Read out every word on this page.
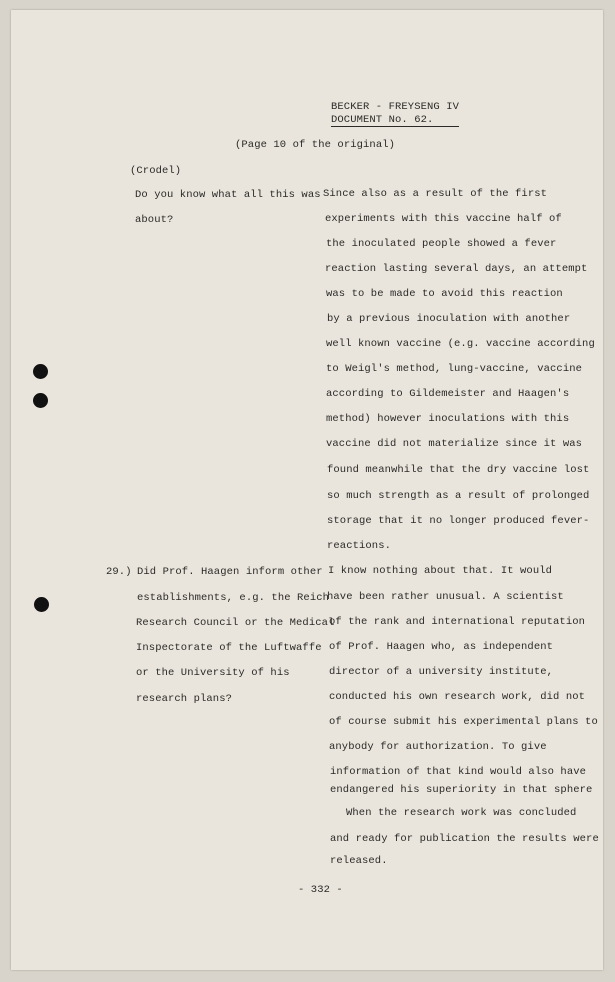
BECKER - FREYSENG IV
DOCUMENT No. 62.
(Page 10 of the original)
(Crodel)
Do you know what all this was
about?
Since also as a result of the first
experiments with this vaccine half of
the inoculated people showed a fever
reaction lasting several days, an attempt
was to be made to avoid this reaction
by a previous inoculation with another
well known vaccine (e.g. vaccine according
to Weigl's method, lung-vaccine, vaccine
according to Gildemeister and Haagen's
method) however inoculations with this
vaccine did not materialize since it was
found meanwhile that the dry vaccine lost
so much strength as a result of prolonged
storage that it no longer produced fever-
reactions.
29.) Did Prof. Haagen inform other
establishments, e.g. the Reich
Research Council or the Medical
Inspectorate of the Luftwaffe
or the University of his
research plans?
I know nothing about that. It would
have been rather unusual. A scientist
of the rank and international reputation
of Prof. Haagen who, as independent
director of a university institute,
conducted his own research work, did not
of course submit his experimental plans to
anybody for authorization. To give
information of that kind would also have
endangered his superiority in that sphere
When the research work was concluded
and ready for publication the results were
released.
- 332 -
